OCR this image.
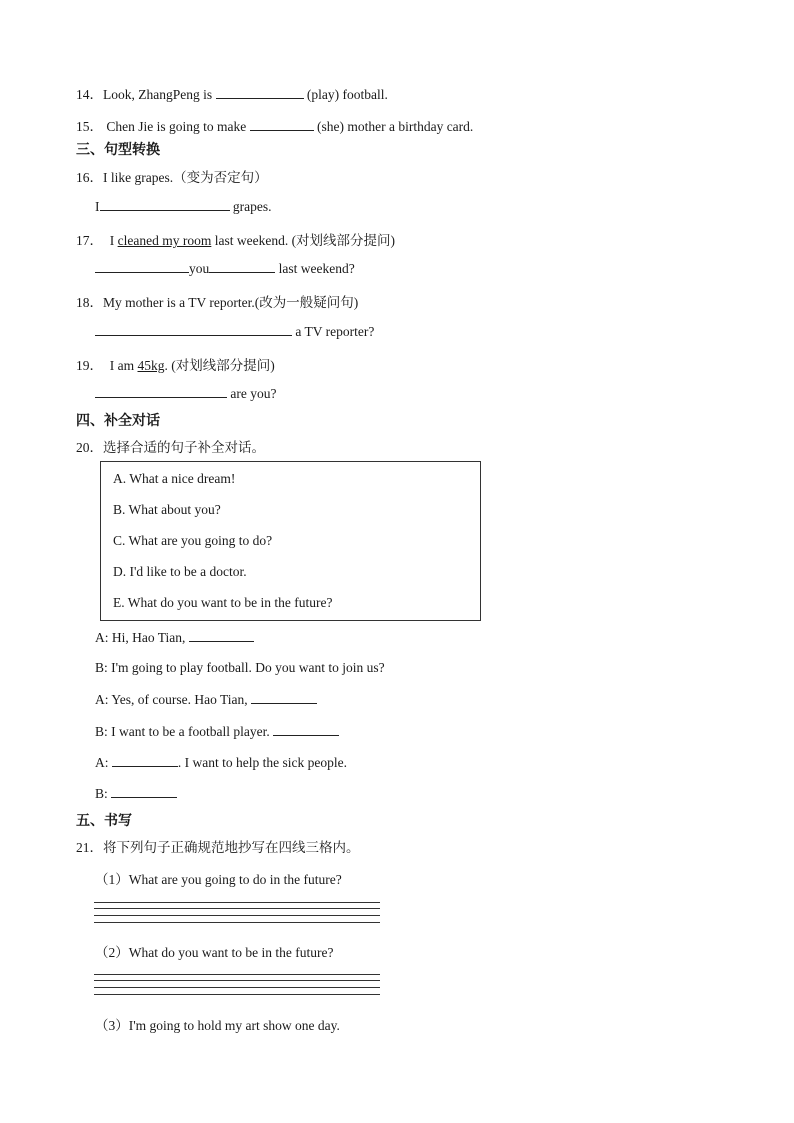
14．Look, ZhangPeng is	(play) football.
15． Chen Jie is going to make	(she) mother a birthday card.
三、句型转换
16．I like grapes.（变为否定句）
I	grapes.
17． I cleaned my room last weekend. (对划线部分提问)
you	last weekend?
18．My mother is a TV reporter.(改为一般疑问句)
a TV reporter?
19． I am 45kg. (对划线部分提问)
are you?
四、补全对话
20．选择合适的句子补全对话。
A. What a nice dream!
B. What about you?
C. What are you going to do?
D. I'd like to be a doctor.
E. What do you want to be in the future?
A: Hi, Hao Tian,
B: I'm going to play football. Do you want to join us?
A: Yes, of course. Hao Tian,
B: I want to be a football player.
A:	. I want to help the sick people.
B:
五、书写
21．将下列句子正确规范地抄写在四线三格内。
（1）What are you going to do in the future?
（2）What do you want to be in the future?
（3）I'm going to hold my art show one day.
